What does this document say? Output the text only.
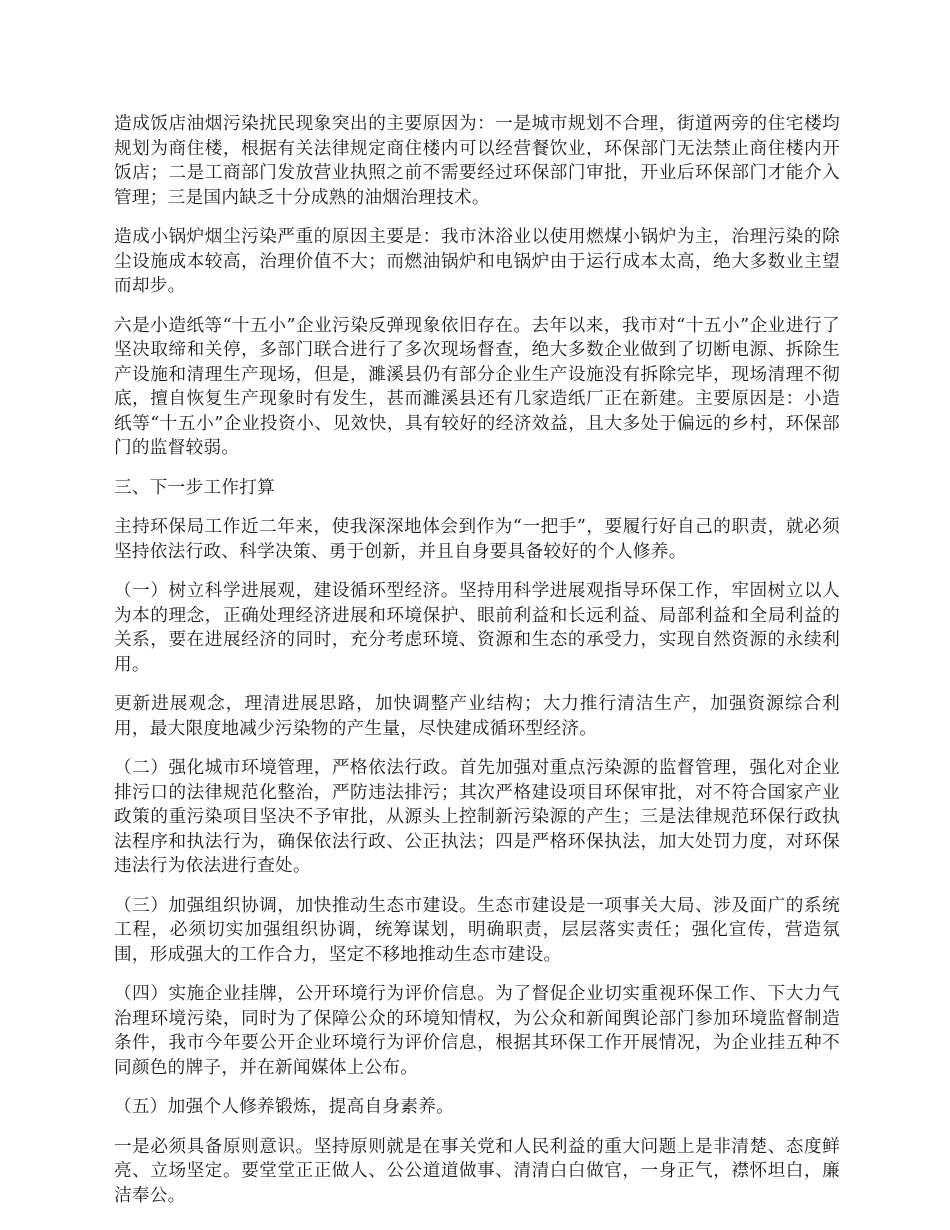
造成饭店油烟污染扰民现象突出的主要原因为：一是城市规划不合理，街道两旁的住宅楼均规划为商住楼，根据有关法律规定商住楼内可以经营餐饮业，环保部门无法禁止商住楼内开饭店；二是工商部门发放营业执照之前不需要经过环保部门审批，开业后环保部门才能介入管理；三是国内缺乏十分成熟的油烟治理技术。

造成小锅炉烟尘污染严重的原因主要是：我市沐浴业以使用燃煤小锅炉为主，治理污染的除尘设施成本较高，治理价值不大；而燃油锅炉和电锅炉由于运行成本太高，绝大多数业主望而却步。

六是小造纸等“十五小”企业污染反弹现象依旧存在。去年以来，我市对“十五小”企业进行了坚决取缔和关停，多部门联合进行了多次现场督查，绝大多数企业做到了切断电源、拆除生产设施和清理生产现场，但是，濉溪县仍有部分企业生产设施没有拆除完毕，现场清理不彻底，擅自恢复生产现象时有发生，甚而濉溪县还有几家造纸厂正在新建。主要原因是：小造纸等“十五小”企业投资小、见效快，具有较好的经济效益，且大多处于偏远的乡村，环保部门的监督较弱。

三、下一步工作打算

主持环保局工作近二年来，使我深深地体会到作为“一把手”，要履行好自己的职责，就必须坚持依法行政、科学决策、勇于创新，并且自身要具备较好的个人修养。

（一）树立科学进展观，建设循环型经济。坚持用科学进展观指导环保工作，牢固树立以人为本的理念，正确处理经济进展和环境保护、眼前利益和长远利益、局部利益和全局利益的关系，要在进展经济的同时，充分考虑环境、资源和生态的承受力，实现自然资源的永续利用。

更新进展观念，理清进展思路，加快调整产业结构；大力推行清洁生产，加强资源综合利用，最大限度地减少污染物的产生量，尽快建成循环型经济。

（二）强化城市环境管理，严格依法行政。首先加强对重点污染源的监督管理，强化对企业排污口的法律规范化整治，严防违法排污；其次严格建设项目环保审批，对不符合国家产业政策的重污染项目坚决不予审批，从源头上控制新污染源的产生；三是法律规范环保行政执法程序和执法行为，确保依法行政、公正执法；四是严格环保执法，加大处罚力度，对环保违法行为依法进行查处。

（三）加强组织协调，加快推动生态市建设。生态市建设是一项事关大局、涉及面广的系统工程，必须切实加强组织协调，统筹谋划，明确职责，层层落实责任；强化宣传，营造氛围，形成强大的工作合力，坚定不移地推动生态市建设。

（四）实施企业挂牌，公开环境行为评价信息。为了督促企业切实重视环保工作、下大力气治理环境污染，同时为了保障公众的环境知情权，为公众和新闻舆论部门参加环境监督制造条件，我市今年要公开企业环境行为评价信息，根据其环保工作开展情况，为企业挂五种不同颜色的牌子，并在新闻媒体上公布。

（五）加强个人修养锻炼，提高自身素养。

一是必须具备原则意识。坚持原则就是在事关党和人民利益的重大问题上是非清楚、态度鲜亮、立场坚定。要堂堂正正做人、公公道道做事、清清白白做官，一身正气，襟怀坦白，廉洁奉公。
